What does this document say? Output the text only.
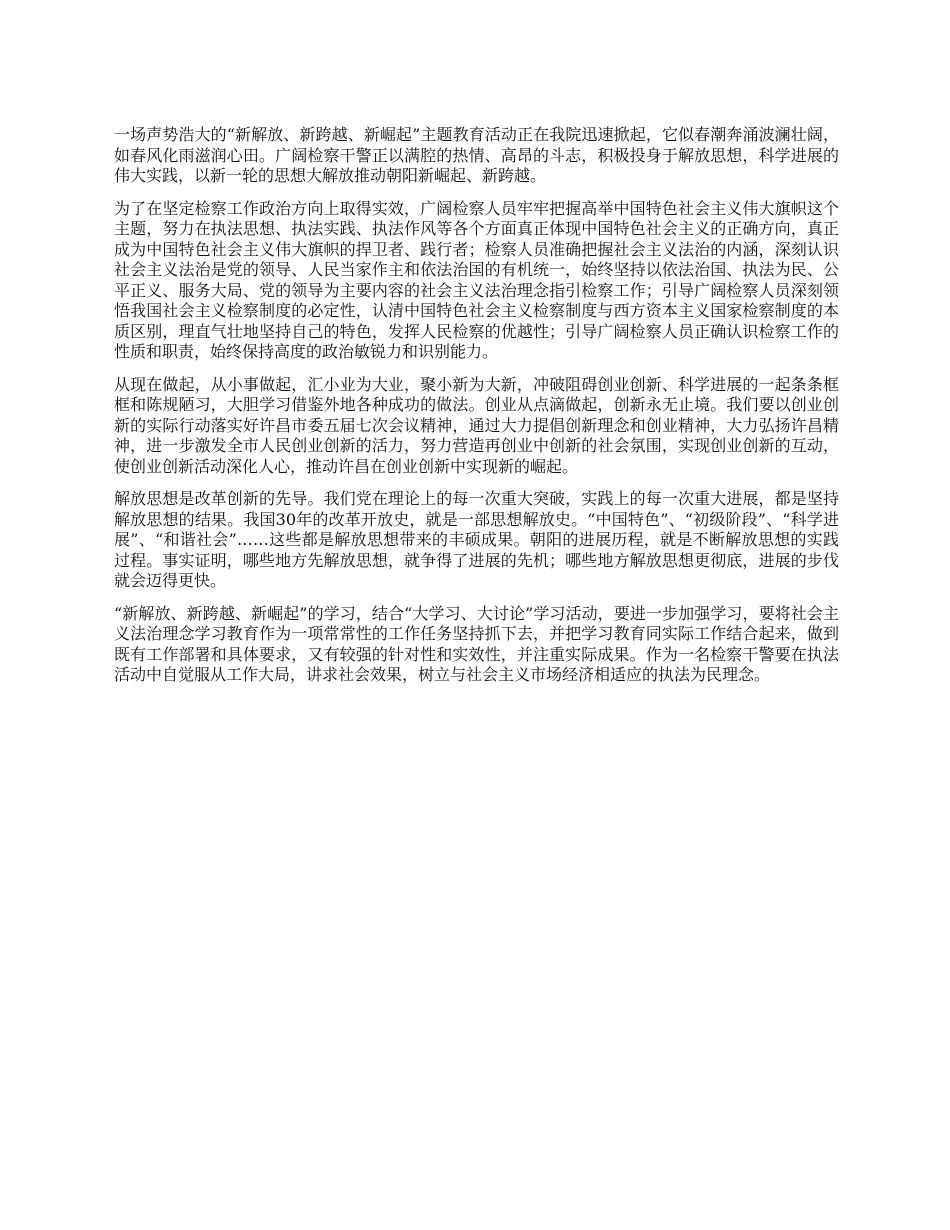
一场声势浩大的“新解放、新跨越、新崛起”主题教育活动正在我院迅速掀起，它似春潮奔涌波澜壮阔，如春风化雨滋润心田。广阔检察干警正以满腔的热情、高昂的斗志，积极投身于解放思想，科学进展的伟大实践，以新一轮的思想大解放推动朝阳新崛起、新跨越。

为了在坚定检察工作政治方向上取得实效，广阔检察人员牢牢把握高举中国特色社会主义伟大旗帜这个主题，努力在执法思想、执法实践、执法作风等各个方面真正体现中国特色社会主义的正确方向，真正成为中国特色社会主义伟大旗帜的捍卫者、践行者；检察人员准确把握社会主义法治的内涵，深刻认识社会主义法治是党的领导、人民当家作主和依法治国的有机统一，始终坚持以依法治国、执法为民、公平正义、服务大局、党的领导为主要内容的社会主义法治理念指引检察工作；引导广阔检察人员深刻领悟我国社会主义检察制度的必定性，认清中国特色社会主义检察制度与西方资本主义国家检察制度的本质区别，理直气壮地坚持自己的特色，发挥人民检察的优越性；引导广阔检察人员正确认识检察工作的性质和职责，始终保持高度的政治敏锐力和识别能力。

从现在做起，从小事做起，汇小业为大业，聚小新为大新，冲破阻碍创业创新、科学进展的一起条条框框和陈规陋习，大胆学习借鉴外地各种成功的做法。创业从点滴做起，创新永无止境。我们要以创业创新的实际行动落实好许昌市委五届七次会议精神，通过大力提倡创新理念和创业精神，大力弘扬许昌精神，进一步激发全市人民创业创新的活力，努力营造再创业中创新的社会氛围，实现创业创新的互动，使创业创新活动深化人心，推动许昌在创业创新中实现新的崛起。

解放思想是改革创新的先导。我们党在理论上的每一次重大突破，实践上的每一次重大进展，都是坚持解放思想的结果。我国30年的改革开放史，就是一部思想解放史。“中国特色”、“初级阶段”、“科学进展”、“和谐社会”……这些都是解放思想带来的丰硕成果。朝阳的进展历程，就是不断解放思想的实践过程。事实证明，哪些地方先解放思想，就争得了进展的先机；哪些地方解放思想更彻底，进展的步伐就会迈得更快。

“新解放、新跨越、新崛起”的学习，结合“大学习、大讨论”学习活动，要进一步加强学习，要将社会主义法治理念学习教育作为一项常常性的工作任务坚持抓下去，并把学习教育同实际工作结合起来，做到既有工作部署和具体要求，又有较强的针对性和实效性，并注重实际成果。作为一名检察干警要在执法活动中自觉服从工作大局，讲求社会效果，树立与社会主义市场经济相适应的执法为民理念。
